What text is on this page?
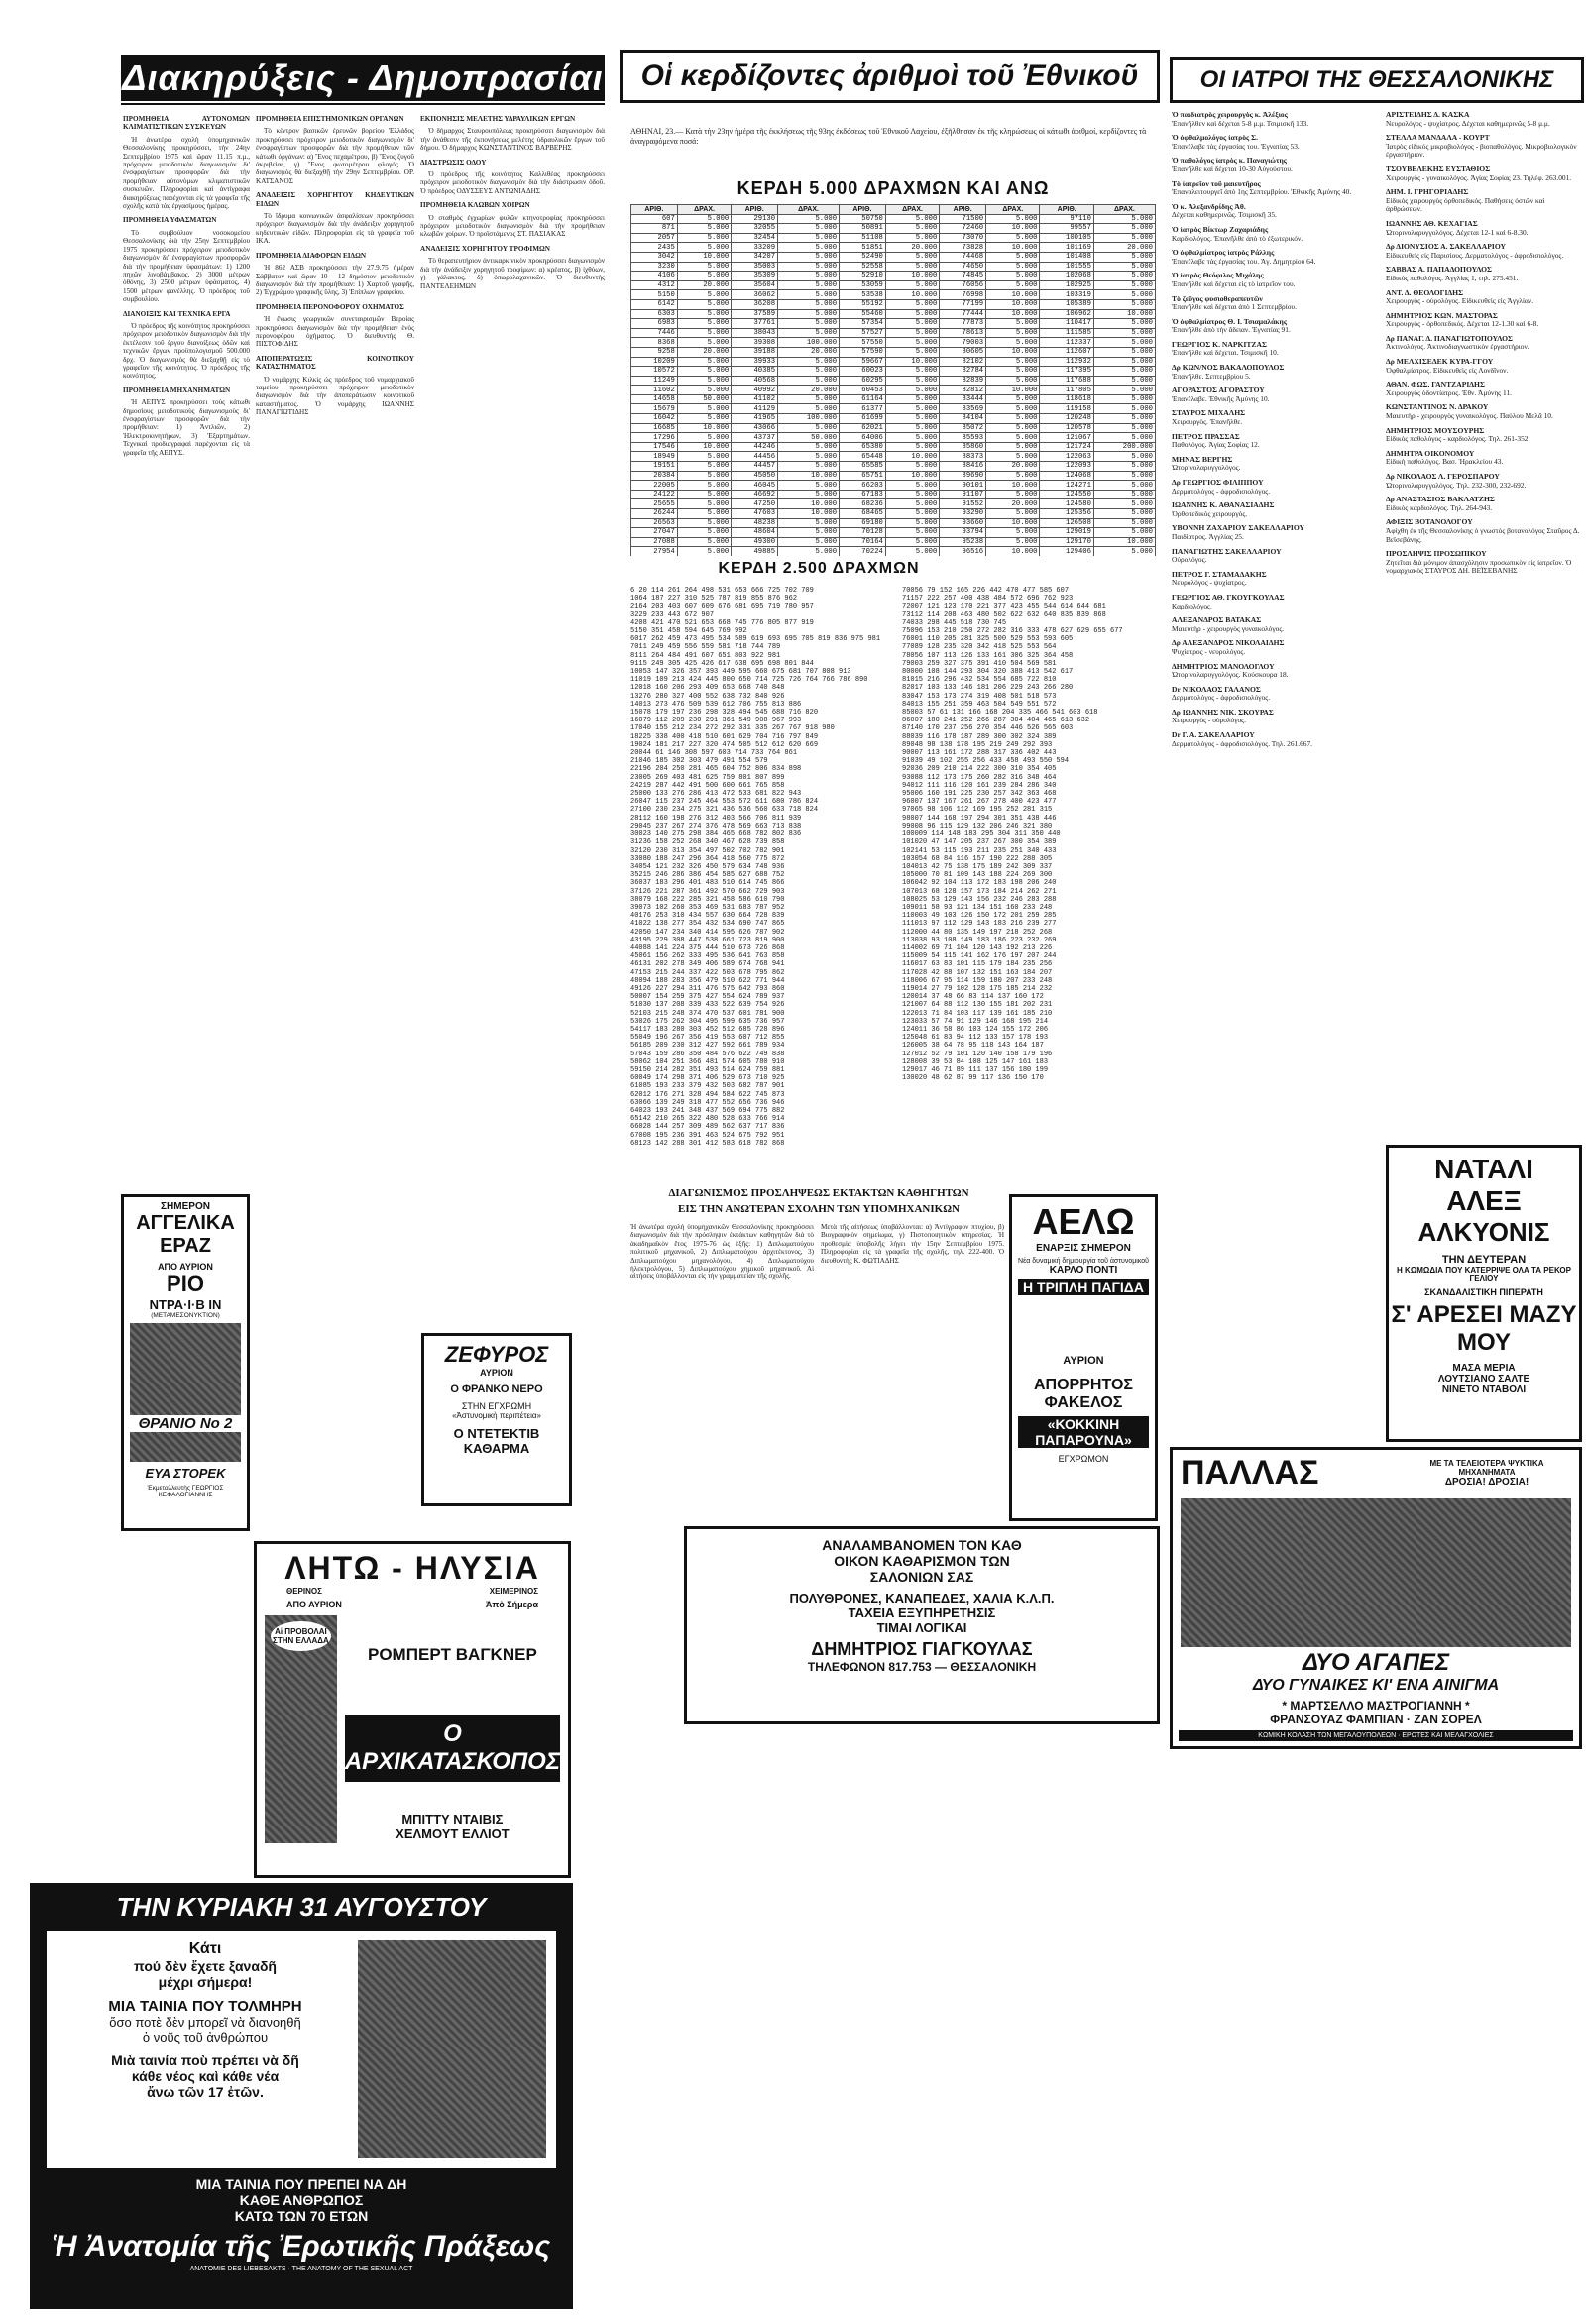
Διακηρύξεις - Δημοπρασίαι

ΠΡΟΜΗΘΕΙΑ ΑΥΤΟΝΟΜΩΝ ΚΛΙΜΑΤΙΣΤΙΚΩΝ ΣΥΣΚΕΥΩΝ

Ἡ ἀνωτέρω σχολὴ ὑπομηχανικῶν Θεσσαλονίκης προκηρύσσει, τὴν 24ην Σεπτεμβρίου 1975 καὶ ὥραν 11.15 π.μ., πρόχειρον μειοδοτικὸν διαγωνισμὸν δι' ἐνσφραγίστων προσφορῶν διὰ τὴν προμήθειαν αὐτονόμων κλιματιστικῶν συσκευῶν. Πληροφορίαι καὶ ἀντίγραφα διακηρύξεως παρέχονται εἰς τὰ γραφεῖα τῆς σχολῆς κατὰ τὰς ἐργασίμους ἡμέρας.

ΠΡΟΜΗΘΕΙΑ ΥΦΑΣΜΑΤΩΝ

Τὸ συμβούλιον νοσοκομείου Θεσσαλονίκης διὰ τὴν 25ην Σεπτεμβρίου 1975 προκηρύσσει πρόχειρον μειοδοτικὸν διαγωνισμὸν δι' ἐνσφραγίστων προσφορῶν διὰ τὴν προμήθειαν ὑφασμάτων: 1) 1200 πηχῶν λινοβάμβακος, 2) 3000 μέτρων ὀθόνης, 3) 2500 μέτρων ὑφάσματος, 4) 1500 μέτρων φανέλλης. Ὁ πρόεδρος τοῦ συμβουλίου.

ΔΙΑΝΟΙΞΙΣ ΚΑΙ ΤΕΧΝΙΚΑ ΕΡΓΑ

Ὁ πρόεδρος τῆς κοινότητος προκηρύσσει πρόχειρον μειοδοτικὸν διαγωνισμὸν διὰ τὴν ἐκτέλεσιν τοῦ ἔργου διανοίξεως ὁδῶν καὶ τεχνικῶν ἔργων προϋπολογισμοῦ 500.000 δρχ. Ὁ διαγωνισμὸς θὰ διεξαχθῇ εἰς τὸ γραφεῖον τῆς κοινότητος. Ὁ πρόεδρος τῆς κοινότητος.

ΠΡΟΜΗΘΕΙΑ ΜΗΧΑΝΗΜΑΤΩΝ

Ἡ ΑΕΠΥΣ προκηρύσσει τοὺς κάτωθι δημοσίους μειοδοτικοὺς διαγωνισμοὺς δι' ἐνσφραγίστων προσφορῶν διὰ τὴν προμήθειαν: 1) Ἀντλιῶν, 2) Ἠλεκτροκινητήρων, 3) Ἐξαρτημάτων. Τεχνικαὶ προδιαγραφαὶ παρέχονται εἰς τὰ γραφεῖα τῆς ΑΕΠΥΣ.

ΠΡΟΜΗΘΕΙΑ ΕΠΙΣΤΗΜΟΝΙΚΩΝ ΟΡΓΑΝΩΝ

Τὸ κέντρον βασικῶν ἐρευνῶν βορείου Ἑλλάδος προκηρύσσει πρόχειρον μειοδοτικὸν διαγωνισμὸν δι' ἐνσφραγίστων προσφορῶν διὰ τὴν προμήθειαν τῶν κάτωθι ὀργάνων: α) Ἕνος πεχαμέτρου, β) Ἕνος ζυγοῦ ἀκριβείας, γ) Ἕνος φωτομέτρου φλογός. Ὁ διαγωνισμὸς θὰ διεξαχθῇ τὴν 29ην Σεπτεμβρίου. ΟΡ. ΚΑΤΣΑΝΟΣ

ΑΝΑΔΕΙΞΙΣ ΧΟΡΗΓΗΤΟΥ ΚΗΔΕΥΤΙΚΩΝ ΕΙΔΩΝ

Τὸ ἵδρυμα κοινωνικῶν ἀσφαλίσεων προκηρύσσει πρόχειρον διαγωνισμὸν διὰ τὴν ἀνάδειξιν χορηγητοῦ κηδευτικῶν εἰδῶν. Πληροφορίαι εἰς τὰ γραφεῖα τοῦ ΙΚΑ.

ΠΡΟΜΗΘΕΙΑ ΔΙΑΦΟΡΩΝ ΕΙΔΩΝ

Ἡ 862 ΑΣΒ προκηρύσσει τὴν 27.9.75 ἡμέραν Σάββατον καὶ ὥραν 10 - 12 δημόσιον μειοδοτικὸν διαγωνισμὸν διὰ τὴν προμήθειαν: 1) Χαρτοῦ γραφῆς, 2) Ἐγχρώμου γραφικῆς ὕλης, 3) Ἐπίπλων γραφείου.

ΠΡΟΜΗΘΕΙΑ ΠΕΡΟΝΟΦΟΡΟΥ ΟΧΗΜΑΤΟΣ

Ἡ ἕνωσις γεωργικῶν συνεταιρισμῶν Βεροίας προκηρύσσει διαγωνισμὸν διὰ τὴν προμήθειαν ἑνὸς περονοφόρου ὀχήματος. Ὁ διευθυντὴς Θ. ΠΙΣΤΟΦΙΔΗΣ

ΑΠΟΠΕΡΑΤΩΣΙΣ ΚΟΙΝΟΤΙΚΟΥ ΚΑΤΑΣΤΗΜΑΤΟΣ

Ὁ νομάρχης Κιλκὶς ὡς πρόεδρος τοῦ νομαρχιακοῦ ταμείου προκηρύσσει πρόχειρον μειοδοτικὸν διαγωνισμὸν διὰ τὴν ἀποπεράτωσιν κοινοτικοῦ καταστήματος. Ὁ νομάρχης ΙΩΑΝΝΗΣ ΠΑΝΑΓΙΩΤΙΔΗΣ

ΕΚΠΟΝΗΣΙΣ ΜΕΛΕΤΗΣ ΥΔΡΑΥΛΙΚΩΝ ΕΡΓΩΝ

Ὁ δήμαρχος Σταυρουπόλεως προκηρύσσει διαγωνισμὸν διὰ τὴν ἀνάθεσιν τῆς ἐκπονήσεως μελέτης ὑδραυλικῶν ἔργων τοῦ δήμου. Ὁ δήμαρχος ΚΩΝΣΤΑΝΤΙΝΟΣ ΒΑΡΒΕΡΗΣ

ΔΙΑΣΤΡΩΣΙΣ ΟΔΟΥ

Ὁ πρόεδρος τῆς κοινότητος Καλλιθέας προκηρύσσει πρόχειρον μειοδοτικὸν διαγωνισμὸν διὰ τὴν διάστρωσιν ὁδοῦ. Ὁ πρόεδρος ΟΔΥΣΣΕΥΣ ΑΝΤΩΝΙΑΔΗΣ

ΠΡΟΜΗΘΕΙΑ ΚΛΩΒΩΝ ΧΟΙΡΩΝ

Ὁ σταθμὸς ἐγχωρίων φυλῶν κτηνοτροφίας προκηρύσσει πρόχειρον μειοδοτικὸν διαγωνισμὸν διὰ τὴν προμήθειαν κλωβῶν χοίρων. Ὁ προϊστάμενος ΣΤ. ΠΑΣΙΑΚΑΣ

ΑΝΑΔΕΙΞΙΣ ΧΟΡΗΓΗΤΟΥ ΤΡΟΦΙΜΩΝ

Τὸ θεραπευτήριον ἀντικαρκινικὸν προκηρύσσει διαγωνισμὸν διὰ τὴν ἀνάδειξιν χορηγητοῦ τροφίμων: α) κρέατος, β) ἰχθύων, γ) γάλακτος, δ) ὀπωρολαχανικῶν. Ὁ διευθυντὴς ΠΑΝΤΕΛΕΗΜΩΝ

ΣΗΜΕΡΟΝ
ΑΓΓΕΛΙΚΑ
ΕΡΑΖ
ΑΠΟ ΑΥΡΙΟΝ
ΡΙΟ
ΝΤΡΑ·Ι·Β ΙΝ
(ΜΕΤΑΜΕΣΟΝΥΚΤΙΟΝ)
ΘΡΑΝΙΟ Νο 2
ΕΥΑ ΣΤΟΡΕΚ
Ἐκμεταλλευτὴς ΓΕΩΡΓΙΟΣ ΚΕΦΑΛΟΓΙΑΝΝΗΣ
ΖΕΦΥΡΟΣ
ΑΥΡΙΟΝ
Ο ΦΡΑΝΚΟ ΝΕΡΟ
ΣΤΗΝ ΕΓΧΡΩΜΗ
«Ἀστυνομικὴ περιπέτεια»
Ο ΝΤΕΤΕΚΤΙΒ
ΚΑΘΑΡΜΑ
ΛΗΤΩ - ΗΛΥΣΙΑ
ΘΕΡΙΝΟΣ	ΧΕΙΜΕΡΙΝΟΣ
ΑΠΟ ΑΥΡΙΟΝ	Ἀπὸ Σήμερα
Αἱ ΠΡΟΒΟΛΑΙ ΣΤΗΝ ΕΛΛΑΔΑ
ΡΟΜΠΕΡΤ ΒΑΓΚΝΕΡ
Ο ΑΡΧΙΚΑΤΑΣΚΟΠΟΣ
ΜΠΙΤΤΥ ΝΤΑΙΒΙΣ
ΧΕΛΜΟΥΤ ΕΛΛΙΟΤ
ΤΗΝ ΚΥΡΙΑΚΗ 31 ΑΥΓΟΥΣΤΟΥ
Κάτι
πού δὲν ἔχετε ξαναδῆ
μέχρι σήμερα!
ΜΙΑ ΤΑΙΝΙΑ ΠΟΥ ΤΟΛΜΗΡΗ
ὅσο ποτὲ δὲν μπορεῖ νὰ διανοηθῆ
ὁ νοῦς τοῦ ἀνθρώπου
Μιὰ ταινία ποὺ πρέπει νὰ δῆ
κάθε νέος καὶ κάθε νέα
ἄνω τῶν 17 ἐτῶν.
ΜΙΑ ΤΑΙΝΙΑ ΠΟΥ ΠΡΕΠΕΙ ΝΑ ΔΗ
ΚΑΘΕ ΑΝΘΡΩΠΟΣ
ΚΑΤΩ ΤΩΝ 70 ΕΤΩΝ
Ἡ Ἀνατομία τῆς Ἐρωτικῆς Πράξεως
ANATOMIE DES LIEBESAKTS · THE ANATOMY OF THE SEXUAL ACT
Οἱ κερδίζοντες ἀριθμοὶ τοῦ Ἐθνικοῦ
ΑΘΗΝΑΙ, 23.— Κατὰ τὴν 23ην ἡμέρα τῆς ἐκκλήσεως τῆς 93ης ἐκδόσεως τοῦ Ἐθνικοῦ Λαχείου, ἐξῆλθησαν ἐκ τῆς κληρώσεως οἱ κάτωθι ἀριθμοί, κερδίζοντες τὰ ἀναγραφόμενα ποσά:
ΚΕΡΔΗ 5.000 ΔΡΑΧΜΩΝ ΚΑΙ ΑΝΩ
ΑΡΙΘ.	ΔΡΑΧ.	ΑΡΙΘ.	ΔΡΑΧ.	ΑΡΙΘ.	ΔΡΑΧ.	ΑΡΙΘ.	ΔΡΑΧ.	ΑΡΙΘ.	ΔΡΑΧ.
607	5.000	29130	5.000	50750	5.000	71500	5.000	97110	5.000
871	5.000	32055	5.000	50891	5.000	72460	10.000	99557	5.000
2057	5.000	32454	5.000	51108	5.000	73070	5.000	100105	5.000
2435	5.000	33209	5.000	51851	20.000	73828	10.000	101169	20.000
3042	10.000	34207	5.000	52490	5.000	74468	5.000	101408	5.000
3230	5.000	35003	5.000	52558	5.000	74650	5.000	101555	5.000
4106	5.000	35309	5.000	52910	10.000	74845	5.000	102068	5.000
4312	20.000	35604	5.000	53059	5.000	76056	5.000	102925	5.000
5150	5.000	36062	5.000	53538	10.000	76998	10.000	103319	5.000
6142	5.000	36208	5.000	55192	5.000	77199	10.000	105389	5.000
6303	5.000	37589	5.000	55460	5.000	77444	10.000	106962	10.000
6983	5.000	37761	5.000	57354	5.000	77873	5.000	110417	5.000
7446	5.000	38043	5.000	57527	5.000	78613	5.000	111585	5.000
8368	5.000	39308	100.000	57550	5.000	79003	5.000	112337	5.000
9258	20.000	39188	20.000	57590	5.000	80605	10.000	112607	5.000
10209	5.000	39933	5.000	59667	10.000	82102	5.000	112932	5.000
10572	5.000	40385	5.000	60023	5.000	82784	5.000	117395	5.000
11249	5.000	40568	5.000	60295	5.000	82839	5.000	117688	5.000
11602	5.000	40992	20.000	60453	5.000	82812	10.000	117805	5.000
14658	50.000	41102	5.000	61164	5.000	83444	5.000	118618	5.000
15679	5.000	41129	5.000	61377	5.000	83569	5.000	119158	5.000
16042	5.000	41965	100.000	61699	5.000	84104	5.000	120248	5.000
16685	10.000	43066	5.000	62021	5.000	85072	5.000	120578	5.000
17296	5.000	43737	50.000	64006	5.000	85593	5.000	121067	5.000
17546	10.000	44246	5.000	65380	5.000	85860	5.000	121724	200.000
18949	5.000	44456	5.000	65448	10.000	88373	5.000	122063	5.000
19151	5.000	44457	5.000	65585	5.000	88416	20.000	122093	5.000
20384	5.000	45050	10.000	65751	10.000	89690	5.000	124068	5.000
22005	5.000	46045	5.000	66203	5.000	90101	10.000	124271	5.000
24122	5.000	46692	5.000	67183	5.000	91107	5.000	124550	5.000
25655	5.000	47250	10.000	68236	5.000	91552	20.000	124580	5.000
26244	5.000	47603	10.000	68465	5.000	93290	5.000	125356	5.000
26563	5.000	48238	5.000	69180	5.000	93660	10.000	126508	5.000
27047	5.000	48604	5.000	70128	5.000	93794	5.000	129019	5.000
27088	5.000	49300	5.000	70164	5.000	95238	5.000	129170	10.000
27954	5.000	49885	5.000	70224	5.000	96516	10.000	129406	5.000

ΚΕΡΔΗ 2.500 ΔΡΑΧΜΩΝ
6 20 114 261 264 498 531 653 666 725 702 709
1064 187 227 310 525 787 819 855 876 962
2164 203 403 607 609 676 681 695 719 780 957
3229 233 443 672 907
4208 421 470 521 653 668 745 776 805 877 919
5150 351 458 594 645 769 992
6017 262 459 473 495 534 589 619 693 695 705 819 836 975 981
7011 249 459 556 559 581 718 744 789
8111 264 484 491 607 651 803 922 981
9115 249 305 425 426 617 638 695 698 801 844
10053 147 326 357 393 449 595 660 675 681 707 808 913
11019 109 213 424 445 800 650 714 725 726 764 766 786 890
12018 160 206 293 409 653 668 740 848
13276 280 327 400 552 638 732 840 926
14013 273 476 509 539 612 706 755 813 886
15078 179 197 236 298 328 494 545 688 716 820
16079 112 209 230 291 361 549 908 967 993
17040 155 212 234 272 292 331 335 267 767 918 980
18225 338 400 418 510 601 629 704 716 797 849
19024 181 217 227 320 474 505 512 612 620 669
20044 61 146 308 597 603 714 733 764 861
21046 185 302 303 479 491 554 579
22196 204 250 281 465 604 752 806 834 898
23005 269 403 481 625 759 801 807 899
24219 287 442 491 500 600 661 765 858
25000 133 276 286 413 472 533 681 822 943
26047 115 237 245 464 553 572 611 680 786 824
27100 230 234 275 321 436 536 560 633 718 824
28112 160 198 276 312 403 566 706 811 939
29045 237 267 274 376 478 569 663 713 838
30023 140 275 298 384 465 668 782 802 836
31236 158 252 268 340 467 628 739 858
32120 230 313 354 497 502 702 782 901
33080 188 247 296 364 418 560 775 872
34054 121 232 326 450 579 634 748 936
35215 246 286 386 454 585 627 688 752
36037 183 296 401 483 510 614 745 866
37126 221 287 361 492 570 662 729 903
38079 168 222 285 321 458 586 610 790
39073 102 260 353 469 531 683 787 952
40176 253 310 434 557 630 664 728 839
41022 138 277 354 432 534 690 747 865
42050 147 234 340 414 595 626 787 902
43195 229 308 447 538 661 723 819 900
44088 141 224 375 444 510 673 726 868
45061 156 262 333 495 536 641 763 858
46131 202 278 349 406 589 674 768 941
47153 215 244 337 422 503 678 795 862
48094 188 283 356 479 510 622 771 944
49126 227 294 311 476 575 642 793 860
50007 154 259 375 427 554 624 789 937
51030 137 208 339 433 522 639 754 926
52103 215 248 374 470 537 601 781 900
53026 175 262 304 495 599 635 736 957
54117 183 280 303 452 512 685 728 896
55049 196 267 356 419 553 607 712 855
56185 209 230 312 427 592 661 789 934
57043 159 286 350 484 576 622 749 838
58062 104 251 366 481 574 605 780 910
59150 214 282 351 493 514 624 759 881
60049 174 298 371 406 529 673 710 925
61085 193 233 379 432 503 682 787 901
62012 176 271 328 494 584 622 745 873
63066 139 249 318 477 552 656 736 946
64023 193 241 348 437 569 694 775 882
65142 210 265 322 480 528 633 766 914
66028 144 257 309 489 562 637 717 836
67008 195 236 391 463 524 675 792 951
68123 142 288 301 412 583 618 782 868
70056 79 152 165 226 442 470 477 585 607
71157 222 257 400 438 484 572 696 762 923
72007 121 123 170 221 377 423 455 544 614 644 681
73112 114 208 463 480 502 622 632 640 835 839 868
74033 298 445 518 730 745
75096 153 210 250 272 282 316 333 478 627 629 655 677
76001 110 205 281 325 500 529 553 593 605
77089 128 235 320 342 418 525 553 564
78056 107 113 126 133 161 306 325 364 458
79003 259 327 375 391 410 504 569 581
80000 108 144 293 304 320 388 413 542 617
81015 216 296 432 534 554 685 722 810
82017 103 133 146 181 206 229 243 266 280
83047 153 173 274 319 408 501 518 573
84013 155 251 359 463 504 549 551 572
85003 57 61 131 166 168 204 335 466 541 603 618
86007 180 241 252 266 287 304 404 465 613 632
87140 170 237 256 270 354 446 526 565 603
88039 116 178 187 289 300 302 324 389
89048 98 138 178 195 219 249 292 393
90007 113 161 172 288 317 336 402 443
91039 49 102 255 256 433 458 493 550 594
92036 209 210 214 222 300 310 354 405
93088 112 173 175 260 282 316 348 464
94012 111 116 120 161 239 284 286 340
95006 160 191 225 230 257 342 363 468
96007 137 167 261 267 278 400 423 477
97065 98 106 112 169 195 252 281 315
98007 144 168 197 294 301 351 438 446
99008 96 115 129 132 206 246 321 380
100009 114 148 183 295 304 311 350 440
101020 47 147 205 237 267 300 354 389
102141 53 115 193 211 235 251 340 433
103054 68 84 116 157 190 222 288 305
104013 42 75 138 175 189 242 309 337
105000 70 81 109 143 188 224 269 300
106042 92 104 113 172 183 198 206 240
107013 68 128 157 173 184 214 262 271
108025 53 129 143 156 232 246 283 288
109011 58 93 121 134 151 160 233 248
110003 49 103 126 150 172 201 259 285
111013 97 112 129 143 183 216 239 277
112000 44 80 135 149 197 218 252 268
113038 93 108 149 183 186 223 232 269
114002 69 71 104 120 143 192 213 226
115009 54 115 141 162 176 197 207 244
116017 63 83 101 115 179 184 235 256
117028 42 88 107 132 151 163 184 207
118006 67 95 114 159 180 207 233 248
119014 27 79 102 128 175 185 214 232
120014 37 48 66 83 114 137 160 172
121007 64 88 112 130 155 181 202 231
122013 71 84 103 117 139 161 185 210
123033 57 74 91 129 146 168 195 214
124011 36 58 86 103 124 155 172 206
125048 61 83 94 112 133 157 178 193
126005 38 64 78 95 118 143 164 187
127012 52 79 101 120 140 158 179 196
128008 39 53 84 108 125 147 161 183
129017 46 71 89 111 137 156 180 199
130020 48 62 87 99 117 136 150 170
ΔΙΑΓΩΝΙΣΜΟΣ ΠΡΟΣΛΗΨΕΩΣ ΕΚΤΑΚΤΩΝ ΚΑΘΗΓΗΤΩΝ
ΕΙΣ ΤΗΝ ΑΝΩΤΕΡΑΝ ΣΧΟΛΗΝ ΤΩΝ ΥΠΟΜΗΧΑΝΙΚΩΝ
Ἡ ἀνωτέρα σχολὴ ὑπομηχανικῶν Θεσσαλονίκης προκηρύσσει διαγωνισμὸν διὰ τὴν πρόσληψιν ἐκτάκτων καθηγητῶν διὰ τὸ ἀκαδημαϊκὸν ἔτος 1975-76 ὡς ἑξῆς: 1) Διπλωματούχου πολιτικοῦ μηχανικοῦ, 2) Διπλωματούχου ἀρχιτέκτονος, 3) Διπλωματούχου μηχανολόγου, 4) Διπλωματούχου ἠλεκτρολόγου, 5) Διπλωματούχου χημικοῦ μηχανικοῦ. Αἱ αἰτήσεις ὑποβάλλονται εἰς τὴν γραμματείαν τῆς σχολῆς.
Μετὰ τῆς αἰτήσεως ὑποβάλλονται: α) Ἀντίγραφον πτυχίου, β) Βιογραφικὸν σημείωμα, γ) Πιστοποιητικὸν ὑπηρεσίας. Ἡ προθεσμία ὑποβολῆς λήγει τὴν 15ην Σεπτεμβρίου 1975. Πληροφορίαι εἰς τὰ γραφεῖα τῆς σχολῆς, τηλ. 222-400. Ὁ διευθυντὴς Κ. ΦΩΤΙΑΔΗΣ
ΑΕΛΩ
ΕΝΑΡΞΙΣ ΣΗΜΕΡΟΝ
Νέα δυναμική δημιουργία τοῦ ἀστυνομικοῦ
ΚΑΡΛΟ ΠΟΝΤΙ
Η ΤΡΙΠΛΗ ΠΑΓΙΔΑ
ΑΥΡΙΟΝ
ΑΠΟΡΡΗΤΟΣ ΦΑΚΕΛΟΣ
«ΚΟΚΚΙΝΗ ΠΑΠΑΡΟΥΝΑ»
ΕΓΧΡΩΜΟΝ
ΑΝΑΛΑΜΒΑΝΟΜΕΝ ΤΟΝ ΚΑΘ
ΟΙΚΟΝ ΚΑΘΑΡΙΣΜΟΝ ΤΩΝ
ΣΑΛΟΝΙΩΝ ΣΑΣ
ΠΟΛΥΘΡΟΝΕΣ, ΚΑΝΑΠΕΔΕΣ, ΧΑΛΙΑ Κ.Λ.Π.
ΤΑΧΕΙΑ ΕΞΥΠΗΡΕΤΗΣΙΣ
ΤΙΜΑΙ ΛΟΓΙΚΑΙ
ΔΗΜΗΤΡΙΟΣ ΓΙΑΓΚΟΥΛΑΣ
ΤΗΛΕΦΩΝΟΝ 817.753 — ΘΕΣΣΑΛΟΝΙΚΗ
ΟΙ ΙΑΤΡΟΙ ΤΗΣ ΘΕΣΣΑΛΟΝΙΚΗΣ

Ὁ παιδιατρὸς χειρουργὸς κ. Ἀλέξιος
Ἐπανῆλθεν καὶ δέχεται 5-8 μ.μ. Τσιμισκῆ 133.

Ὁ ὀφθαλμολόγος ἰατρὸς Σ.
Ἐπανέλαβε τὰς ἐργασίας του. Ἐγνατίας 53.

Ὁ παθολόγος ἰατρὸς κ. Παναγιώτης
Ἐπανῆλθε καὶ δέχεται 10-30 Αὐγούστου.

Τὸ ἰατρεῖον τοῦ μαιευτῆρος
Ἐπαναλειτουργεῖ ἀπὸ 1ης Σεπτεμβρίου. Ἐθνικῆς Ἀμύνης 40.

Ὁ κ. Ἀλεξανδρίδης Ἀθ.
Δέχεται καθημερινῶς. Τσιμισκῆ 35.

Ὁ ἰατρὸς Βίκτωρ Ζαχαριάδης
Καρδιολόγος. Ἐπανῆλθε ἀπὸ τὸ ἐξωτερικόν.

Ὁ ὀφθαλμίατρος ἰατρὸς Ράλλης
Ἐπανέλαβε τὰς ἐργασίας του. Ἁγ. Δημητρίου 64.

Ὁ ἰατρὸς Θεόφιλος Μιχάλης
Ἐπανῆλθε καὶ δέχεται εἰς τὸ ἰατρεῖον του.

Τὸ ζεῦγος φυσιοθεραπευτῶν
Ἐπανῆλθε καὶ δέχεται ἀπὸ 1 Σεπτεμβρίου.

Ὁ ὀφθαλμίατρος Θ. Ι. Τσιαμαλάκης
Ἐπανῆλθε ἀπὸ τὴν ἄδειαν. Ἐγνατίας 91.

ΓΕΩΡΓΙΟΣ Κ. ΝΑΡΚΙΤΖΑΣ
Ἐπανῆλθε καὶ δέχεται. Τσιμισκῆ 10.

Δρ ΚΩΝ/ΝΟΣ ΒΑΚΑΛΟΠΟΥΛΟΣ
Ἐπανῆλθε. Σεπτεμβρίου 5.

ΑΓΟΡΑΣΤΟΣ ΑΓΟΡΑΣΤΟΥ
Ἐπανέλαβε. Ἐθνικῆς Ἀμύνης 10.

ΣΤΑΥΡΟΣ ΜΙΧΑΛΗΣ
Χειρουργὸς. Ἐπανῆλθε.

ΠΕΤΡΟΣ ΠΡΑΣΣΑΣ
Παθολόγος. Ἁγίας Σοφίας 12.

ΜΗΝΑΣ ΒΕΡΓΗΣ
Ὠτορινολαρυγγολόγος.

Δρ ΓΕΩΡΓΙΟΣ ΦΙΛΙΠΠΟΥ
Δερματολόγος - ἀφροδισιολόγος.

ΙΩΑΝΝΗΣ Κ. ΑΘΑΝΑΣΙΑΔΗΣ
Ὀρθοπεδικὸς χειρουργός.

ΥΒΟΝΝΗ ΖΑΧΑΡΙΟΥ ΣΑΚΕΛΛΑΡΙΟΥ
Παιδίατρος. Ἀγγλίας 25.

ΠΑΝΑΓΙΩΤΗΣ ΣΑΚΕΛΛΑΡΙΟΥ
Οὐρολόγος.

ΠΕΤΡΟΣ Γ. ΣΤΑΜΑΔΑΚΗΣ
Νευρολόγος - ψυχίατρος.

ΓΕΩΡΓΙΟΣ ΑΘ. ΓΚΟΥΓΚΟΥΛΑΣ
Καρδιολόγος.

ΑΛΕΞΑΝΔΡΟΣ ΒΑΤΑΚΑΣ
Μαιευτὴρ - χειρουργὸς γυναικολόγος.

Δρ ΑΛΕΞΑΝΔΡΟΣ ΝΙΚΟΛΑΙΔΗΣ
Ψυχίατρος - νευρολόγος.

ΔΗΜΗΤΡΙΟΣ ΜΑΝΟΛΟΓΛΟΥ
Ὠτορινολαρυγγολόγος. Κούσκουρα 18.

Dr ΝΙΚΟΛΑΟΣ ΓΑΛΑΝΟΣ
Δερματολόγος - ἀφροδισιολόγος.

Δρ ΙΩΑΝΝΗΣ ΝΙΚ. ΣΚΟΥΡΑΣ
Χειρουργὸς - οὐρολόγος.

Dr Γ. Α. ΣΑΚΕΛΛΑΡΙΟΥ
Δερματολόγος - ἀφροδισιολόγος. Τηλ. 261.667.

ΑΡΙΣΤΕΙΔΗΣ Δ. ΚΑΣΚΑ
Νευρολόγος - ψυχίατρος. Δέχεται καθημερινῶς 5-8 μ.μ.

ΣΤΕΛΛΑ ΜΑΝΔΑΛΑ - ΚΟΥΡΤ
Ἰατρὸς εἰδικὸς μικροβιολόγος - βιοπαθολόγος. Μικροβιολογικὸν ἐργαστήριον.

ΤΣΟΥΒΕΛΕΚΗΣ ΕΥΣΤΑΘΙΟΣ
Χειρουργὸς - γυναικολόγος. Ἀγίας Σοφίας 23. Τηλέφ. 263.001.

ΔΗΜ. Ι. ΓΡΗΓΟΡΙΑΔΗΣ
Εἰδικὸς χειρουργὸς ὀρθοπεδικός. Παθήσεις ὀστῶν καὶ ἀρθρώσεων.

ΙΩΑΝΝΗΣ ΑΘ. ΚΕΧΑΓΙΑΣ
Ὠτορινολαρυγγολόγος. Δέχεται 12-1 καὶ 6-8.30.

Δρ ΔΙΟΝΥΣΙΟΣ Α. ΣΑΚΕΛΛΑΡΙΟΥ
Εἰδικευθεὶς εἰς Παρισίους. Δερματολόγος - ἀφροδισιολόγος.

ΣΑΒΒΑΣ Α. ΠΑΠΑΔΟΠΟΥΛΟΣ
Εἰδικὸς παθολόγος. Ἀγγλίας 1, τηλ. 275.451.

ΑΝΤ. Δ. ΘΕΟΛΟΓΙΔΗΣ
Χειρουργὸς - οὐρολόγος. Εἰδικευθεὶς εἰς Ἀγγλίαν.

ΔΗΜΗΤΡΙΟΣ ΚΩΝ. ΜΑΣΤΟΡΑΣ
Χειρουργὸς - ὀρθοπεδικός. Δέχεται 12-1.30 καὶ 6-8.

Δρ ΠΑΝΑΓ. Δ. ΠΑΝΑΓΙΩΤΟΠΟΥΛΟΣ
Ἀκτινολόγος. Ἀκτινοδιαγνωστικὸν ἐργαστήριον.

Δρ ΜΕΛΧΙΣΕΔΕΚ ΚΥΡΑ-ΓΓΟΥ
Ὀφθαλμίατρος. Εἰδικευθεὶς εἰς Λονδῖνον.

ΑΘΑΝ. ΦΩΣ. ΓΑΝΤΖΑΡΙΔΗΣ
Χειρουργὸς ὀδοντίατρος. Ἐθν. Ἀμύνης 11.

ΚΩΝΣΤΑΝΤΙΝΟΣ Ν. ΔΡΑΚΟΥ
Μαιευτὴρ - χειρουργὸς γυναικολόγος. Παύλου Μελᾶ 10.

ΔΗΜΗΤΡΙΟΣ ΜΟΥΣΟΥΡΗΣ
Εἰδικὸς παθολόγος - καρδιολόγος. Τηλ. 261-352.

ΔΗΜΗΤΡΑ ΟΙΚΟΝΟΜΟΥ
Εἰδικὴ παθολόγος. Βασ. Ἡρακλείου 43.

Δρ ΝΙΚΟΛΑΟΣ Λ. ΓΕΡΟΣΠΑΡΟΥ
Ὠτορινολαρυγγολόγος. Τηλ. 232-300, 232-692.

Δρ ΑΝΑΣΤΑΣΙΟΣ ΒΑΚΛΑΤΖΗΣ
Εἰδικὸς καρδιολόγος. Τηλ. 264-943.

ΑΦΙΞΙΣ ΒΟΤΑΝΟΛΟΓΟΥ
Ἀφίχθη ἐκ τῆς Θεσσαλονίκης ὁ γνωστὸς βοτανολόγος Σταῦρος Δ. Βεϊσεβάνης.

ΠΡΟΣΛΗΨΙΣ ΠΡΟΣΩΠΙΚΟΥ
Ζητεῖται διὰ μόνιμον ἀπασχόλησιν προσωπικὸν εἰς ἰατρεῖον. Ὁ νομαρχιακὸς ΣΤΑΥΡΟΣ ΔΗ. ΒΕΪΣΕΒΑΝΗΣ

ΝΑΤΑΛΙ
ΑΛΕΞ
ΑΛΚΥΟΝΙΣ
ΤΗΝ ΔΕΥΤΕΡΑΝ
Η ΚΩΜΩΔΙΑ ΠΟΥ ΚΑΤΕΡΡΙΨΕ ΟΛΑ ΤΑ ΡΕΚΟΡ ΓΕΛΙΟΥ
ΣΚΑΝΔΑΛΙΣΤΙΚΗ ΠΙΠΕΡΑΤΗ
Σ' ΑΡΕΣΕΙ ΜΑΖΥ ΜΟΥ
ΜΑΣΑ ΜΕΡΙΑ
ΛΟΥΤΣΙΑΝΟ ΣΑΛΤΕ
ΝΙΝΕΤΟ ΝΤΑΒΟΛΙ
ΠΑΛΛΑΣ	ΜΕ ΤΑ ΤΕΛΕΙΟΤΕΡΑ ΨΥΚΤΙΚΑ ΜΗΧΑΝΗΜΑΤΑ
ΔΡΟΣΙΑ! ΔΡΟΣΙΑ!
ΔΥΟ ΑΓΑΠΕΣ
ΔΥΟ ΓΥΝΑΙΚΕΣ ΚΙ' ΕΝΑ ΑΙΝΙΓΜΑ
* ΜΑΡΤΣΕΛΛΟ ΜΑΣΤΡΟΓΙΑΝΝΗ *
ΦΡΑΝΣΟΥΑΖ ΦΑΜΠΙΑΝ · ΖΑΝ ΣΟΡΕΛ
ΚΩΜΙΚΗ ΚΟΛΑΣΗ ΤΩΝ ΜΕΓΑΛΟΥΠΟΛΕΩΝ · ΕΡΩΤΕΣ ΚΑΙ ΜΕΛΑΓΧΟΛΙΕΣ
